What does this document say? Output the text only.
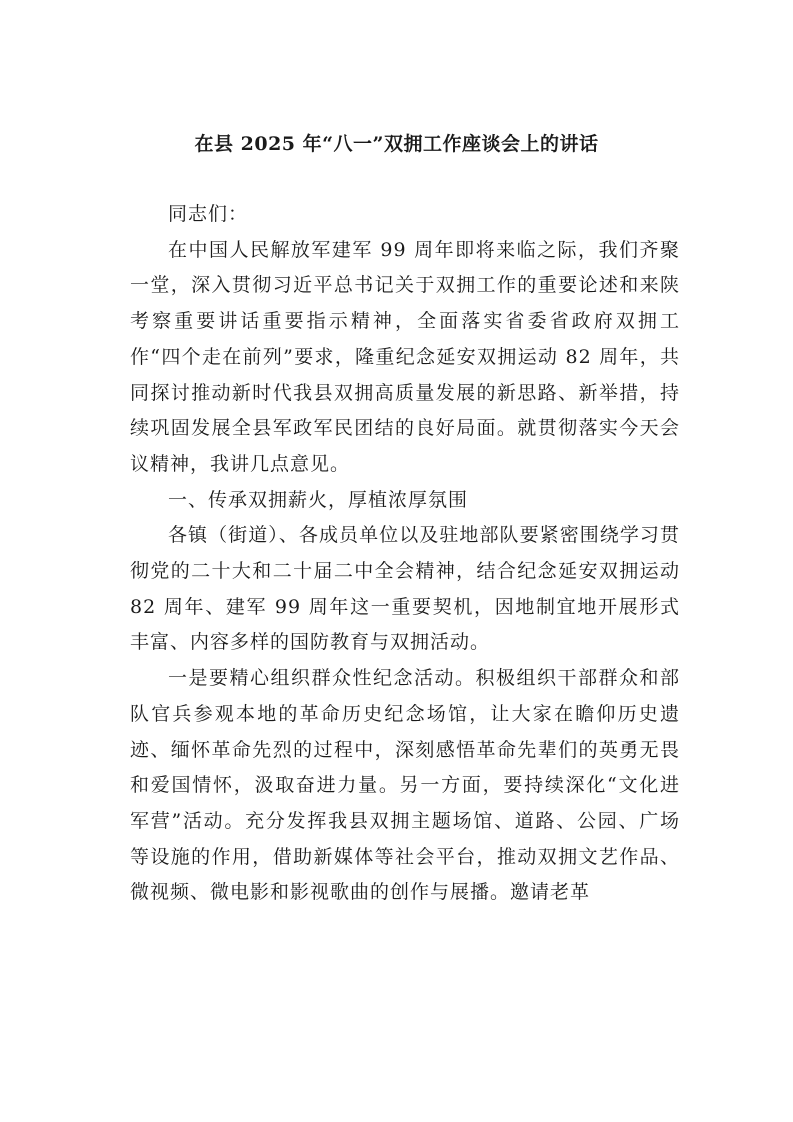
在县 2025 年“八一”双拥工作座谈会上的讲话

同志们：

在中国人民解放军建军 99 周年即将来临之际，我们齐聚一堂，深入贯彻习近平总书记关于双拥工作的重要论述和来陕考察重要讲话重要指示精神，全面落实省委省政府双拥工作“四个走在前列”要求，隆重纪念延安双拥运动 82 周年，共同探讨推动新时代我县双拥高质量发展的新思路、新举措，持续巩固发展全县军政军民团结的良好局面。就贯彻落实今天会议精神，我讲几点意见。

一、传承双拥薪火，厚植浓厚氛围

各镇（街道）、各成员单位以及驻地部队要紧密围绕学习贯彻党的二十大和二十届二中全会精神，结合纪念延安双拥运动 82 周年、建军 99 周年这一重要契机，因地制宜地开展形式丰富、内容多样的国防教育与双拥活动。

一是要精心组织群众性纪念活动。积极组织干部群众和部队官兵参观本地的革命历史纪念场馆，让大家在瞻仰历史遗迹、缅怀革命先烈的过程中，深刻感悟革命先辈们的英勇无畏和爱国情怀，汲取奋进力量。另一方面，要持续深化“文化进军营”活动。充分发挥我县双拥主题场馆、道路、公园、广场等设施的作用，借助新媒体等社会平台，推动双拥文艺作品、微视频、微电影和影视歌曲的创作与展播。邀请老革
